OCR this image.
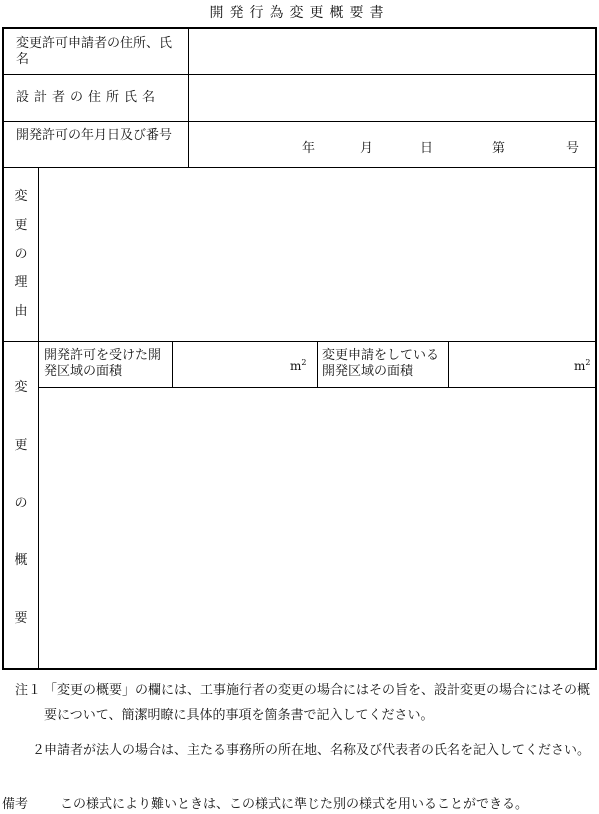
開発行為変更概要書
変更許可申請者の住所、氏名
設計者の住所氏名
開発許可の年月日及び番号
年	月	日	第	号
変
更
の
理
由
変
更
の
概
要
開発許可を受けた開発区域の面積	$m^2$ 変更申請をしている開発区域の面積	$m^2$
注１ 「変更の概要」の欄には、工事施行者の変更の場合にはその旨を、設計変更の場合にはその概要について、簡潔明瞭に具体的事項を箇条書で記入してください。
２
申請者が法人の場合は、主たる事務所の所在地、名称及び代表者の氏名を記入してください。
備考 この様式により難いときは、この様式に準じた別の様式を用いることができる。
